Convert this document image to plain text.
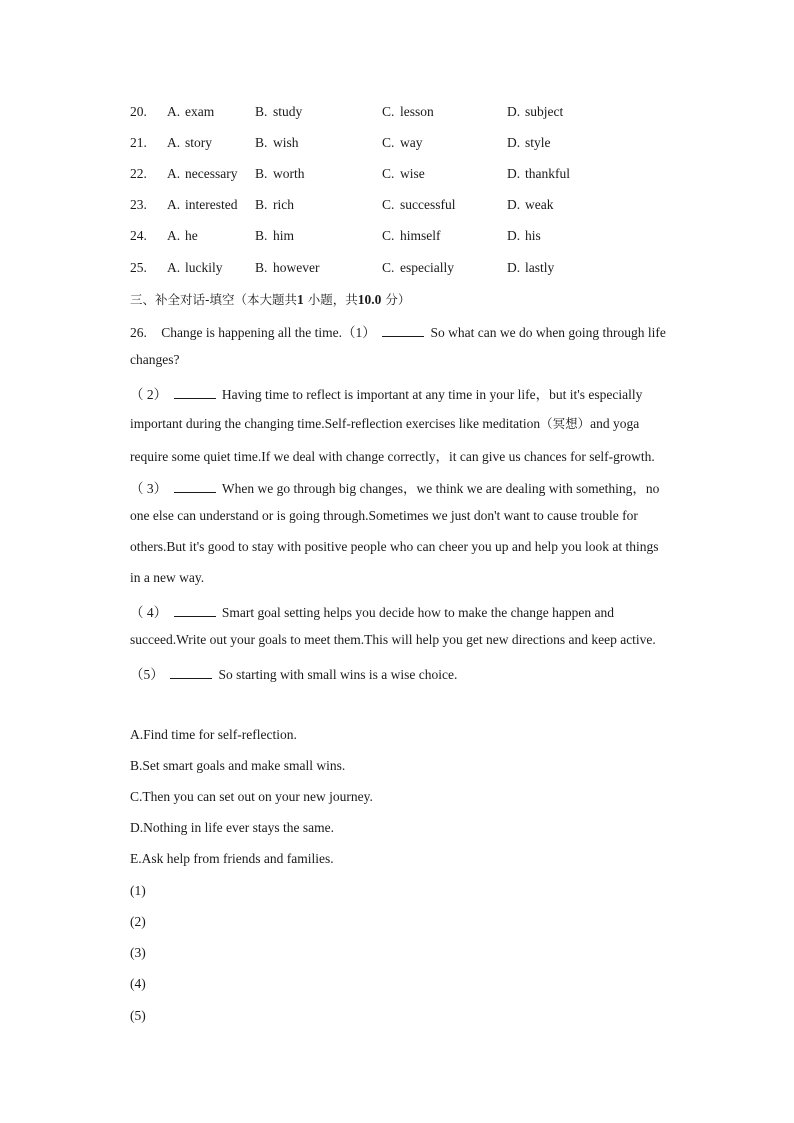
20.	A. exam	B. study	C. lesson	D. subject
21.	A. story	B. wish	C. way	D. style
22.	A. necessary	B. worth	C. wise	D. thankful
23.	A. interested	B. rich	C. successful	D. weak
24.	A. he	B. him	C. himself	D. his
25.	A. luckily	B. however	C. especially	D. lastly
三、补全对话-填空（本大题共1 小题，共10.0 分）
26. Change is happening all the time.（1）	So what can we do when going through life
changes?
（ 2）	Having time to reflect is important at any time in your life，but it's especially
important during the changing time.Self-reflection exercises like meditation（冥想）and yoga
require some quiet time.If we deal with change correctly，it can give us chances for self-growth.
（ 3）	When we go through big changes，we think we are dealing with something，no
one else can understand or is going through.Sometimes we just don't want to cause trouble for
others.But it's good to stay with positive people who can cheer you up and help you look at things
in a new way.
（ 4）	Smart goal setting helps you decide how to make the change happen and
succeed.Write out your goals to meet them.This will help you get new directions and keep active.
（5）	So starting with small wins is a wise choice.
A.Find time for self-reflection.
B.Set smart goals and make small wins.
C.Then you can set out on your new journey.
D.Nothing in life ever stays the same.
E.Ask help from friends and families.
(1)
(2)
(3)
(4)
(5)
